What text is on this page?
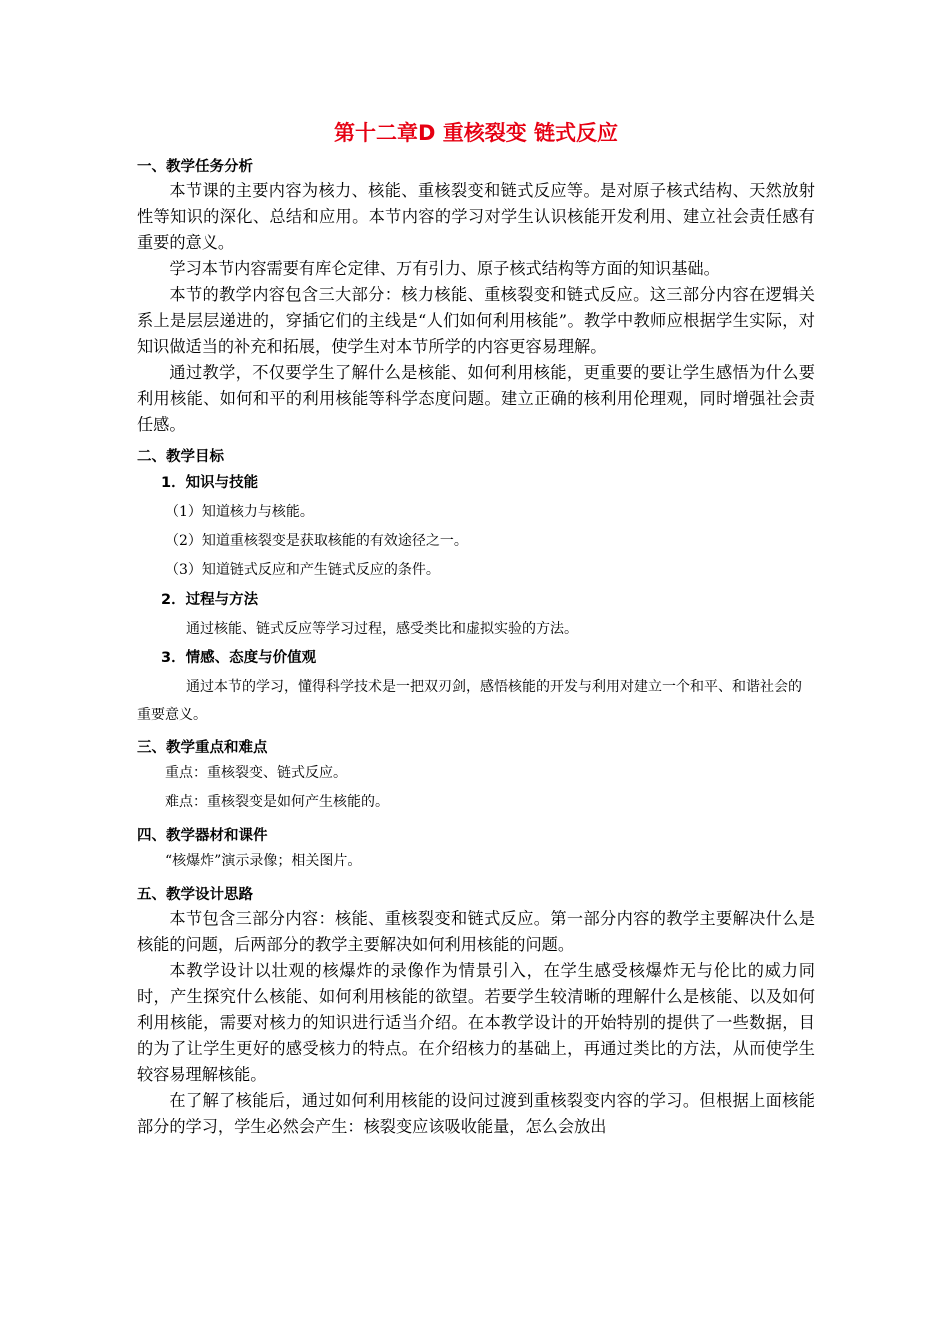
第十二章D 重核裂变 链式反应
一、教学任务分析

本节课的主要内容为核力、核能、重核裂变和链式反应等。是对原子核式结构、天然放射性等知识的深化、总结和应用。本节内容的学习对学生认识核能开发利用、建立社会责任感有重要的意义。

学习本节内容需要有库仑定律、万有引力、原子核式结构等方面的知识基础。

本节的教学内容包含三大部分：核力核能、重核裂变和链式反应。这三部分内容在逻辑关系上是层层递进的，穿插它们的主线是“人们如何利用核能”。教学中教师应根据学生实际，对知识做适当的补充和拓展，使学生对本节所学的内容更容易理解。

通过教学，不仅要学生了解什么是核能、如何利用核能，更重要的要让学生感悟为什么要利用核能、如何和平的利用核能等科学态度问题。建立正确的核利用伦理观，同时增强社会责任感。

二、教学目标
1．知识与技能

（1）知道核力与核能。

（2）知道重核裂变是获取核能的有效途径之一。

（3）知道链式反应和产生链式反应的条件。

2．过程与方法

通过核能、链式反应等学习过程，感受类比和虚拟实验的方法。

3．情感、态度与价值观

通过本节的学习，懂得科学技术是一把双刃剑，感悟核能的开发与利用对建立一个和平、和谐社会的重要意义。

三、教学重点和难点

重点：重核裂变、链式反应。

难点：重核裂变是如何产生核能的。

四、教学器材和课件

“核爆炸”演示录像；相关图片。

五、教学设计思路

本节包含三部分内容：核能、重核裂变和链式反应。第一部分内容的教学主要解决什么是核能的问题，后两部分的教学主要解决如何利用核能的问题。

本教学设计以壮观的核爆炸的录像作为情景引入，在学生感受核爆炸无与伦比的威力同时，产生探究什么核能、如何利用核能的欲望。若要学生较清晰的理解什么是核能、以及如何利用核能，需要对核力的知识进行适当介绍。在本教学设计的开始特别的提供了一些数据，目的为了让学生更好的感受核力的特点。在介绍核力的基础上，再通过类比的方法，从而使学生较容易理解核能。

在了解了核能后，通过如何利用核能的设问过渡到重核裂变内容的学习。但根据上面核能部分的学习，学生必然会产生：核裂变应该吸收能量，怎么会放出
